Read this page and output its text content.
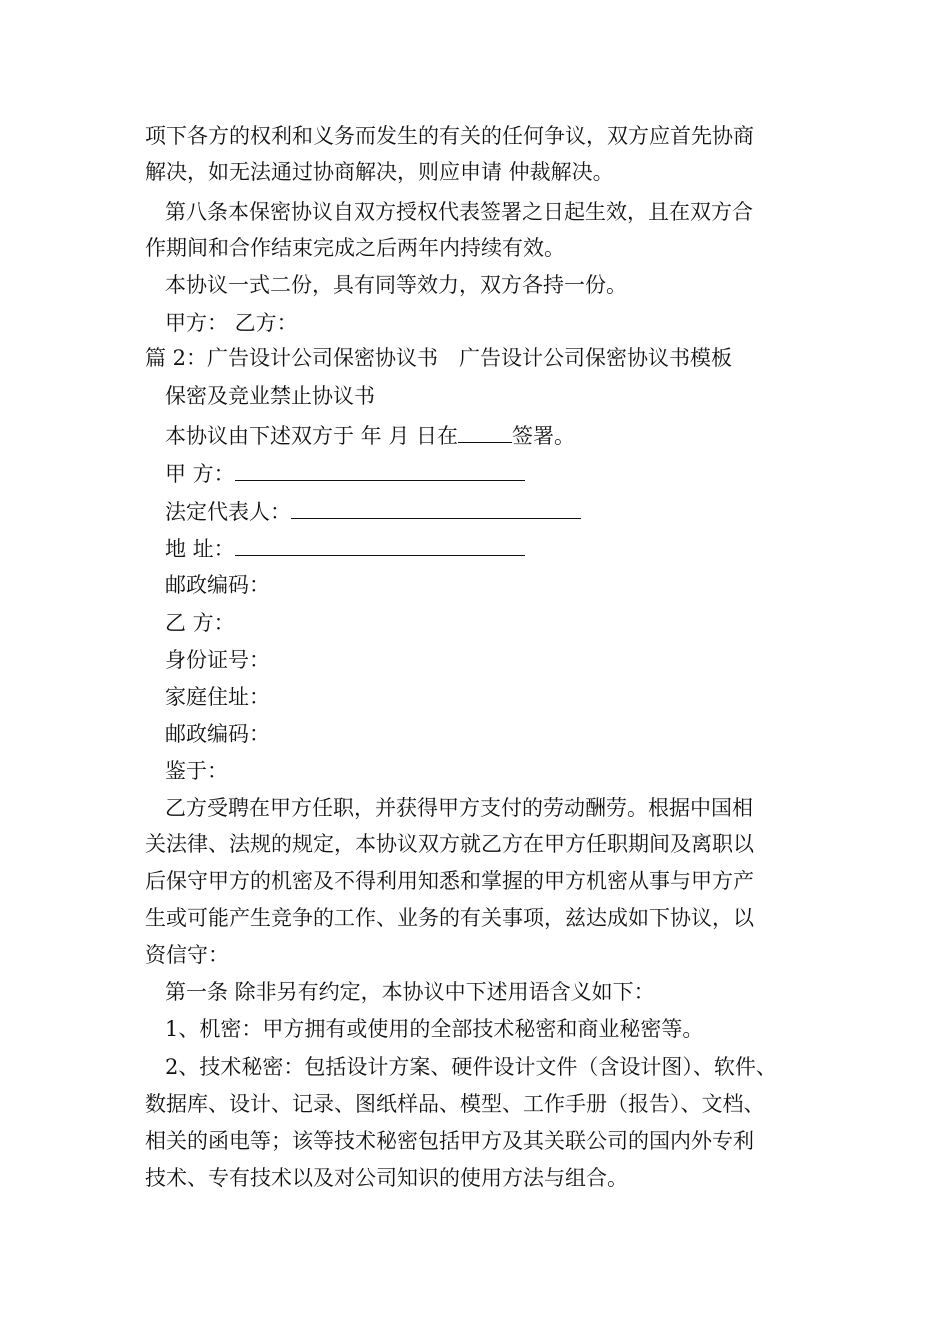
项下各方的权利和义务而发生的有关的任何争议，双方应首先协商
解决，如无法通过协商解决，则应申请 仲裁解决。
第八条本保密协议自双方授权代表签署之日起生效，且在双方合
作期间和合作结束完成之后两年内持续有效。
本协议一式二份，具有同等效力，双方各持一份。
甲方： 乙方：
篇 2：广告设计公司保密协议书　广告设计公司保密协议书模板
保密及竞业禁止协议书
本协议由下述双方于 年 月 日在	签署。
甲 方：
法定代表人：
地 址：
邮政编码：
乙 方：
身份证号：
家庭住址：
邮政编码：
鉴于：
乙方受聘在甲方任职，并获得甲方支付的劳动酬劳。根据中国相
关法律、法规的规定，本协议双方就乙方在甲方任职期间及离职以
后保守甲方的机密及不得利用知悉和掌握的甲方机密从事与甲方产
生或可能产生竞争的工作、业务的有关事项，兹达成如下协议，以
资信守：
第一条 除非另有约定，本协议中下述用语含义如下：
1、机密：甲方拥有或使用的全部技术秘密和商业秘密等。
2、技术秘密：包括设计方案、硬件设计文件（含设计图）、软件、
数据库、设计、记录、图纸样品、模型、工作手册（报告）、文档、
相关的函电等；该等技术秘密包括甲方及其关联公司的国内外专利
技术、专有技术以及对公司知识的使用方法与组合。
